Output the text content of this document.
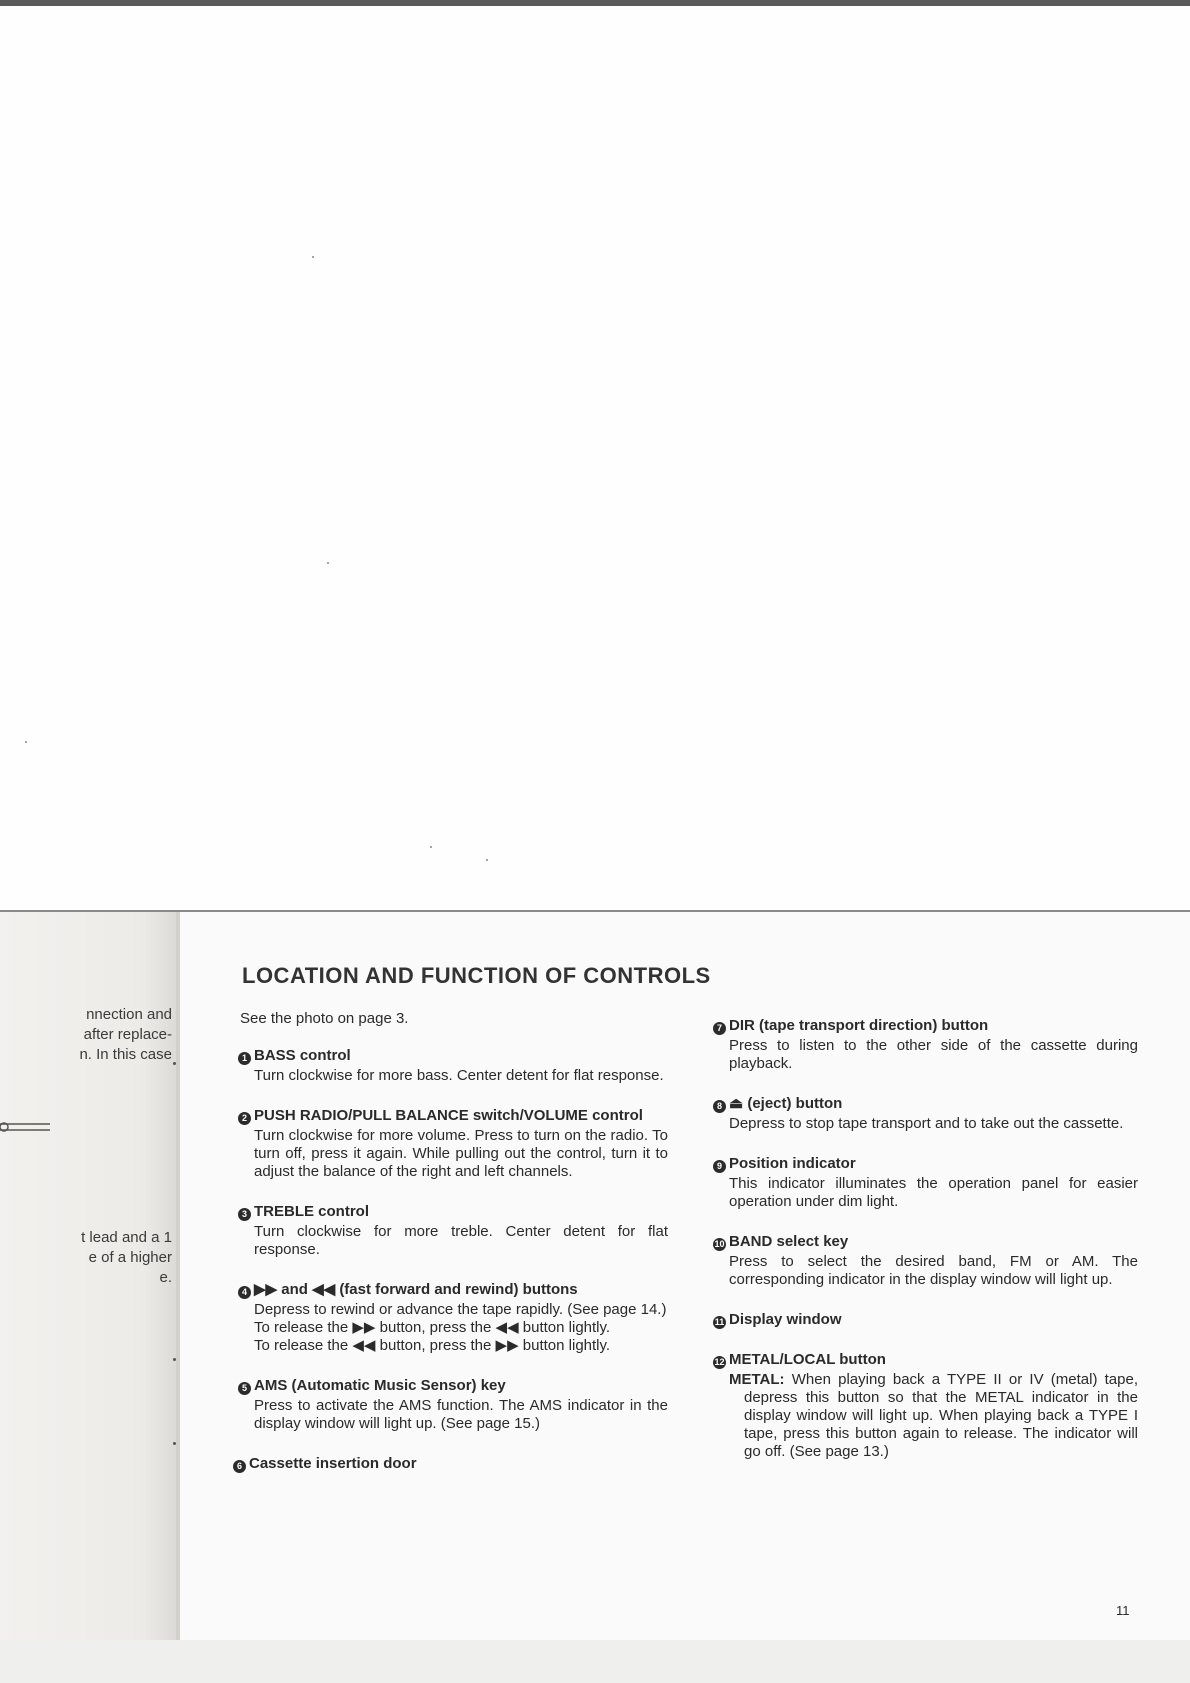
nnection and
after replace-
n. In this case
t lead and a 1
e of a higher
e.
LOCATION AND FUNCTION OF CONTROLS
See the photo on page 3.
1 BASS control

Turn clockwise for more bass. Center detent for flat response.

2 PUSH RADIO/PULL BALANCE switch/VOLUME control

Turn clockwise for more volume. Press to turn on the radio. To turn off, press it again. While pulling out the control, turn it to adjust the balance of the right and left channels.

3 TREBLE control

Turn clockwise for more treble. Center detent for flat response.

4 ▶▶ and ◀◀ (fast forward and rewind) buttons

Depress to rewind or advance the tape rapidly. (See page 14.)

To release the ▶▶ button, press the ◀◀ button lightly.

To release the ◀◀ button, press the ▶▶ button lightly.

5 AMS (Automatic Music Sensor) key

Press to activate the AMS function. The AMS indicator in the display window will light up. (See page 15.)

6 Cassette insertion door
7 DIR (tape transport direction) button

Press to listen to the other side of the cassette during playback.

8 ⏏ (eject) button

Depress to stop tape transport and to take out the cassette.

9 Position indicator

This indicator illuminates the operation panel for easier operation under dim light.

10 BAND select key

Press to select the desired band, FM or AM. The corresponding indicator in the display window will light up.

11 Display window
12 METAL/LOCAL button
METAL: When playing back a TYPE II or IV (metal) tape, depress this button so that the METAL indicator in the display window will light up. When playing back a TYPE I tape, press this button again to release. The indicator will go off. (See page 13.)
11
